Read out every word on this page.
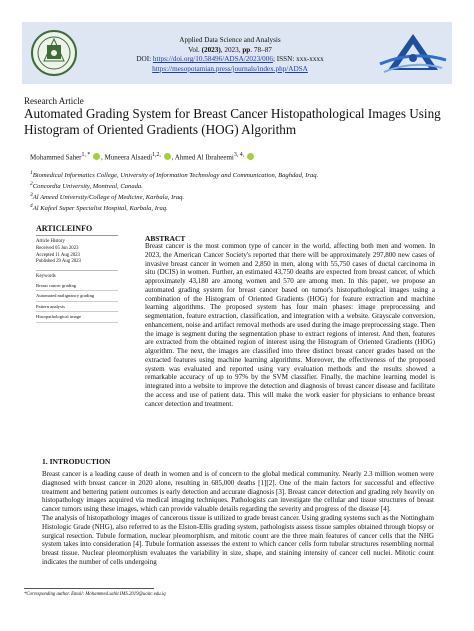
Applied Data Science and Analysis
Vol. (2023), 2023, pp. 78–87
DOI: https://doi.org/10.58496/ADSA/2023/006; ISSN: xxx-xxxx
https://mesopotamian.press/journals/index.php/ADSA
Research Article
Automated Grading System for Breast Cancer Histopathological Images Using Histogram of Oriented Gradients (HOG) Algorithm
Mohammed Saher$^{1, *}$ , Muneera Alsaedi$^{1,2,}$ , Ahmed Al Ibraheemi$^{3, 4,}$
$^1$Biomedical Informatics College, University of Information Technology and Communication, Baghdad, Iraq.
$^2$Concordia University, Montreal, Canada.
$^3$Al Ameed University/College of Medicine, Karbala, Iraq.
$^4$Al Kafeel Super Specialist Hospital, Karbala, Iraq.
ARTICLEINFO
Article History
Received 05 Jun 2023
Accepted 11 Aug 2023
Published 29 Aug 2023
Keywords
Breast cancer grading
Automated malignancy grading
Pattern analysis
Histopathological image
ABSTRACT
Breast cancer is the most common type of cancer in the world, affecting both men and women. In 2023, the American Cancer Society's reported that there will be approximately 297,800 new cases of invasive breast cancer in women and 2,850 in men, along with 55,750 cases of ductal carcinoma in situ (DCIS) in women. Further, an estimated 43,750 deaths are expected from breast cancer, of which approximately 43,180 are among women and 570 are among men. In this paper, we propose an automated grading system for breast cancer based on tumor's histopathological images using a combination of the Histogram of Oriented Gradients (HOG) for feature extraction and machine learning algorithms. The proposed system has four main phases: image preprocessing and segmentation, feature extraction, classification, and integration with a website. Grayscale conversion, enhancement, noise and artifact removal methods are used during the image preprocessing stage. Then the image is segment during the segmentation phase to extract regions of interest. And then, features are extracted from the obtained region of interest using the Histogram of Oriented Gradients (HOG) algorithm. The next, the images are classified into three distinct breast cancer grades based on the extracted features using machine learning algorithms. Moreover, the effectiveness of the proposed system was evaluated and reported using vary evaluation methods and the results showed a remarkable accuracy of up to 97% by the SVM classifier. Finally, the machine learning model is integrated into a website to improve the detection and diagnosis of breast cancer disease and facilitate the access and use of patient data. This will make the work easier for physicians to enhance breast cancer detection and treatment.
1. INTRODUCTION

Breast cancer is a leading cause of death in women and is of concern to the global medical community. Nearly 2.3 million women were diagnosed with breast cancer in 2020 alone, resulting in 685,000 deaths [1][2]. One of the main factors for successful and effective treatment and bettering patient outcomes is early detection and accurate diagnosis [3]. Breast cancer detection and grading rely heavily on histopathology images acquired via medical imaging techniques. Pathologists can investigate the cellular and tissue structures of breast cancer tumors using these images, which can provide valuable details regarding the severity and progress of the disease [4].

The analysis of histopathology images of cancerous tissue is utilized to grade breast cancer. Using grading systems such as the Nottingham Histologic Grade (NHG), also referred to as the Elston-Ellis grading system, pathologists assess tissue samples obtained through biopsy or surgical resection. Tubule formation, nuclear pleomorphism, and mitotic count are the three main features of cancer cells that the NHG system takes into consideration [4]. Tubule formation assesses the extent to which cancer cells form tubular structures resembling normal breast tissue. Nuclear pleomorphism evaluates the variability in size, shape, and staining intensity of cancer cell nuclei. Mitotic count indicates the number of cells undergoing

*Corresponding author. Email: Mohammed.sahir.IMS.2019@uoitc.edu.iq
